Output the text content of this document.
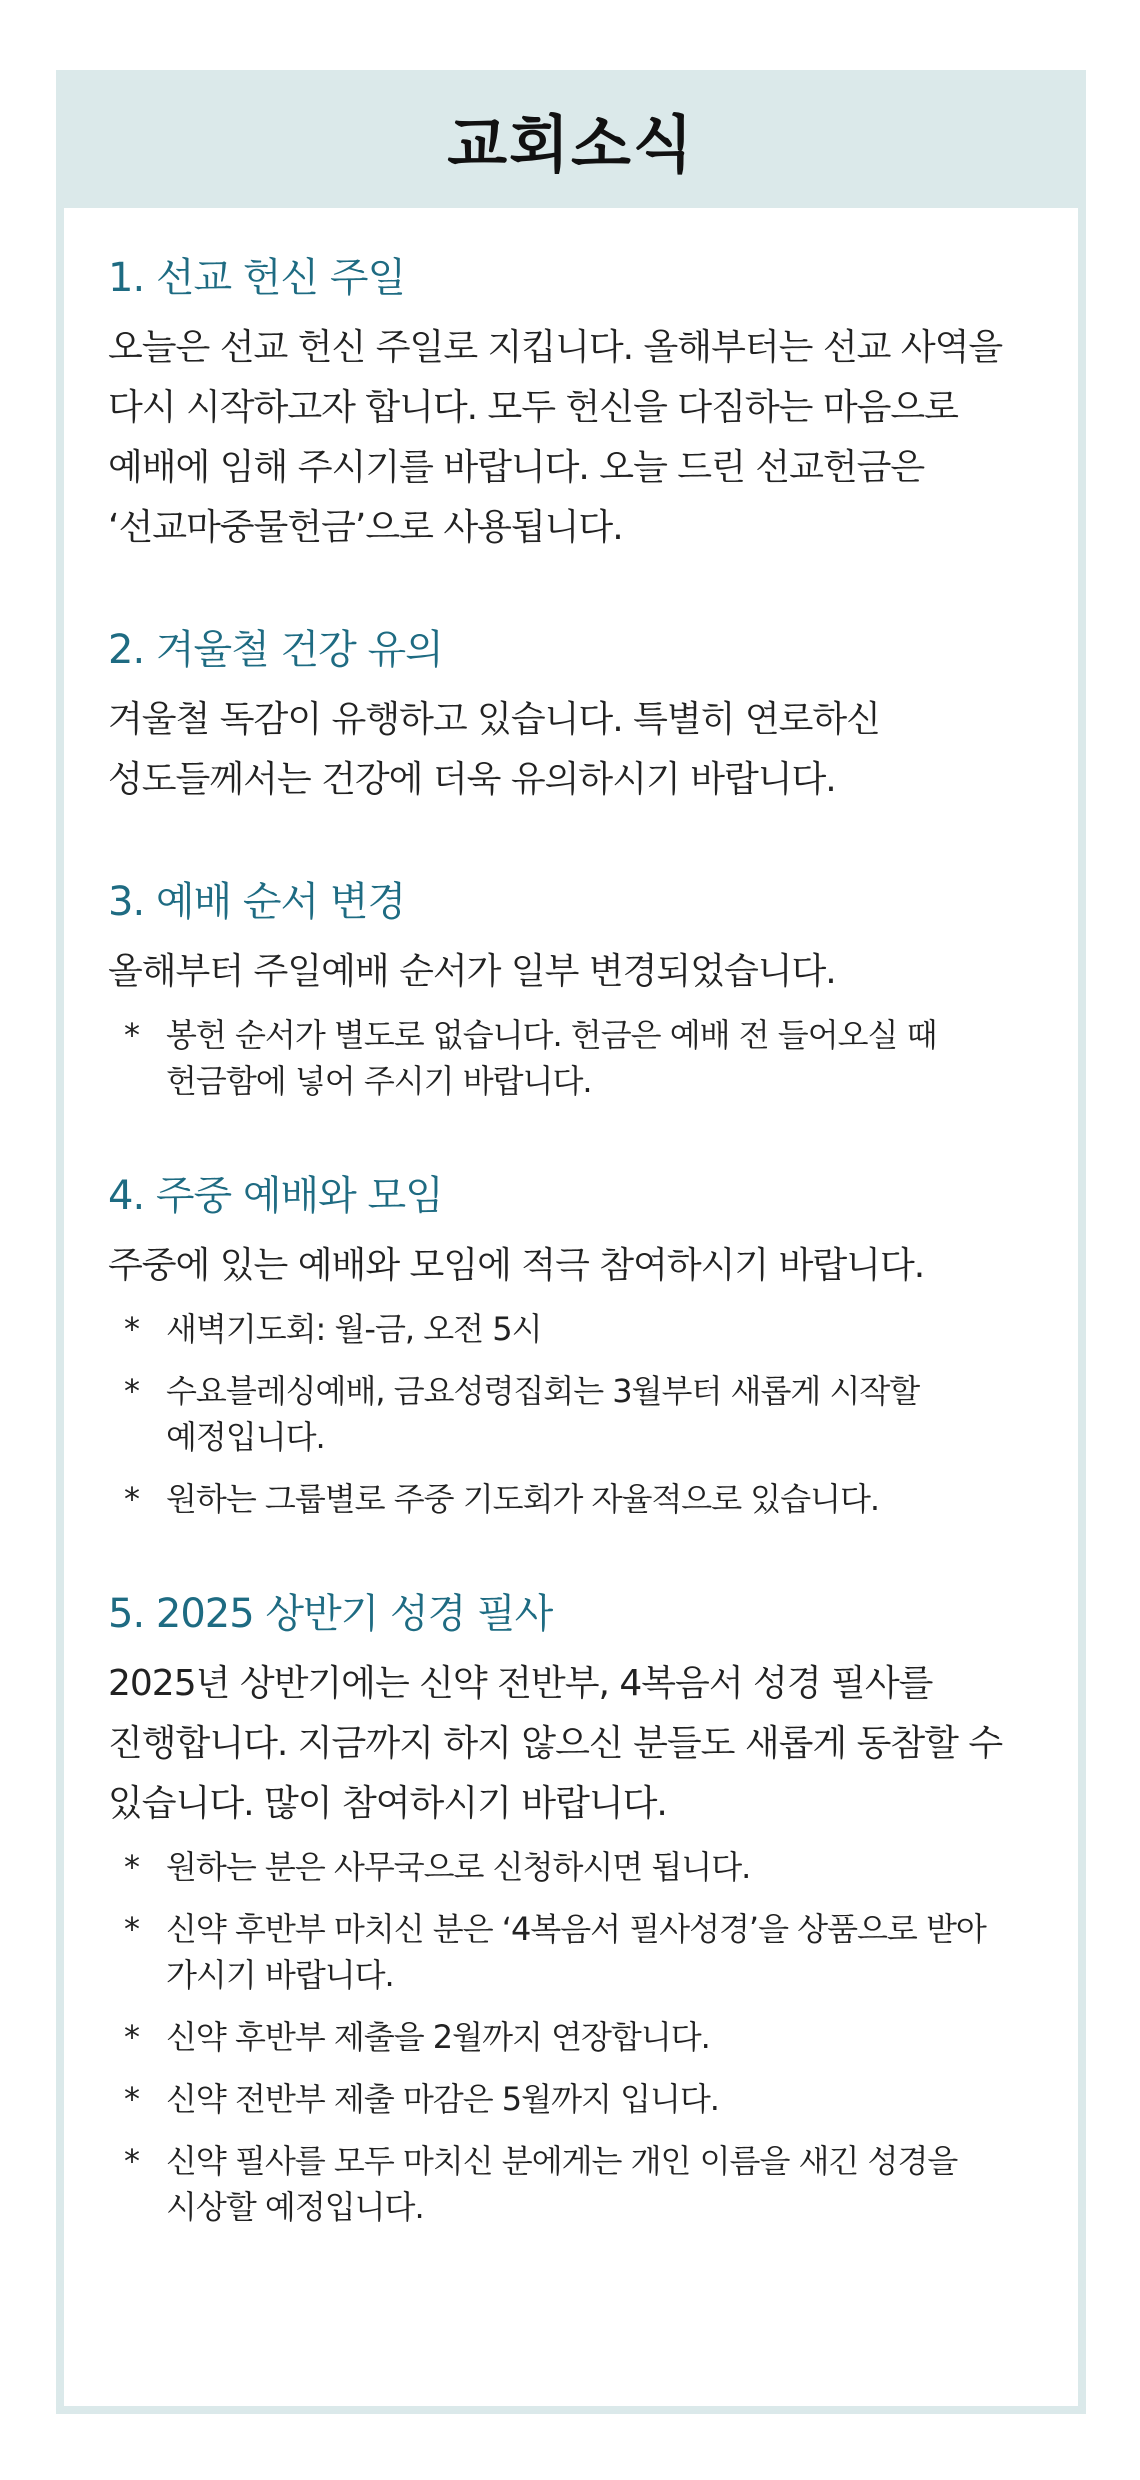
교회소식
1. 선교 헌신 주일

오늘은 선교 헌신 주일로 지킵니다. 올해부터는 선교 사역을 다시 시작하고자 합니다. 모두 헌신을 다짐하는 마음으로 예배에 임해 주시기를 바랍니다. 오늘 드린 선교헌금은 ‘선교마중물헌금’으로 사용됩니다.

2. 겨울철 건강 유의

겨울철 독감이 유행하고 있습니다. 특별히 연로하신 성도들께서는 건강에 더욱 유의하시기 바랍니다.

3. 예배 순서 변경

올해부터 주일예배 순서가 일부 변경되었습니다.

* 봉헌 순서가 별도로 없습니다. 헌금은 예배 전 들어오실 때 헌금함에 넣어 주시기 바랍니다.
4. 주중 예배와 모임

주중에 있는 예배와 모임에 적극 참여하시기 바랍니다.

* 새벽기도회: 월-금, 오전 5시
* 수요블레싱예배, 금요성령집회는 3월부터 새롭게 시작할 예정입니다.
* 원하는 그룹별로 주중 기도회가 자율적으로 있습니다.
5. 2025 상반기 성경 필사

2025년 상반기에는 신약 전반부, 4복음서 성경 필사를 진행합니다. 지금까지 하지 않으신 분들도 새롭게 동참할 수 있습니다. 많이 참여하시기 바랍니다.

* 원하는 분은 사무국으로 신청하시면 됩니다.
* 신약 후반부 마치신 분은 ‘4복음서 필사성경’을 상품으로 받아 가시기 바랍니다.
* 신약 후반부 제출을 2월까지 연장합니다.
* 신약 전반부 제출 마감은 5월까지 입니다.
* 신약 필사를 모두 마치신 분에게는 개인 이름을 새긴 성경을 시상할 예정입니다.
